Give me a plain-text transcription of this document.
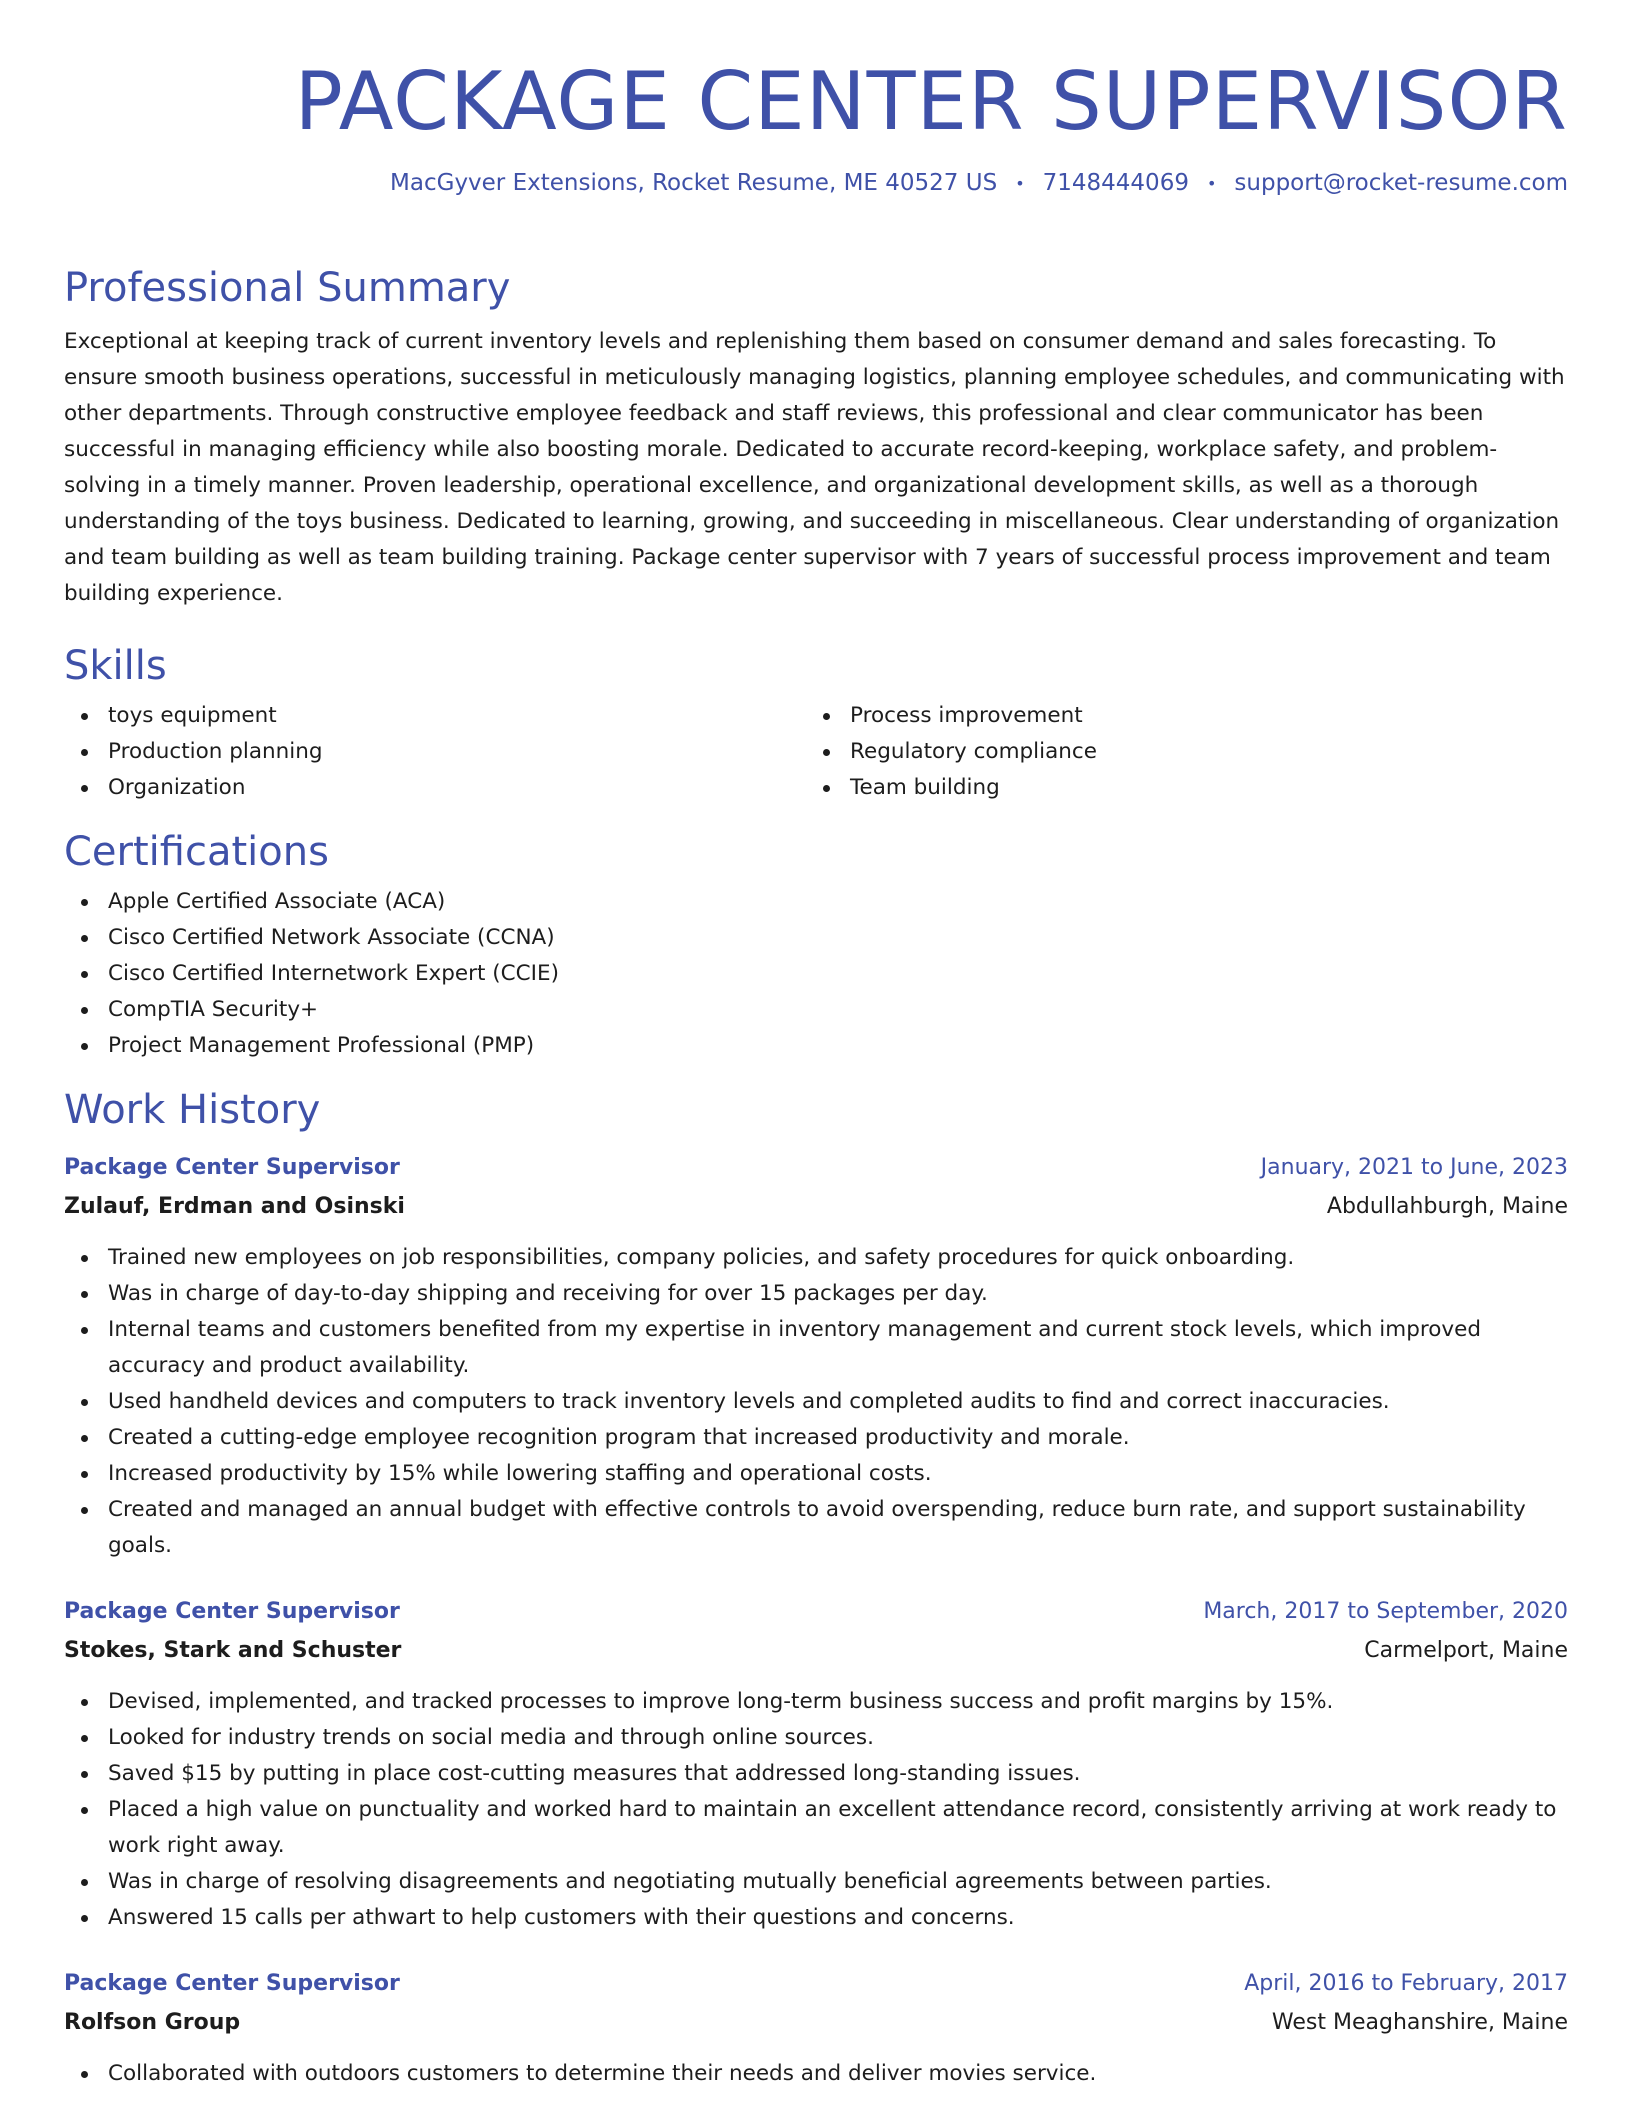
PACKAGE CENTER SUPERVISOR
MacGyver Extensions, Rocket Resume, ME 40527 US • 7148444069 • support@rocket-resume.com
Professional Summary

Exceptional at keeping track of current inventory levels and replenishing them based on consumer demand and sales forecasting. To ensure smooth business operations, successful in meticulously managing logistics, planning employee schedules, and communicating with other departments. Through constructive employee feedback and staff reviews, this professional and clear communicator has been successful in managing efficiency while also boosting morale. Dedicated to accurate record-keeping, workplace safety, and problem-solving in a timely manner. Proven leadership, operational excellence, and organizational development skills, as well as a thorough understanding of the toys business. Dedicated to learning, growing, and succeeding in miscellaneous. Clear understanding of organization and team building as well as team building training. Package center supervisor with 7 years of successful process improvement and team building experience.

Skills
toys equipment
Production planning
Organization
Process improvement
Regulatory compliance
Team building
Certifications
Apple Certified Associate (ACA)
Cisco Certified Network Associate (CCNA)
Cisco Certified Internetwork Expert (CCIE)
CompTIA Security+
Project Management Professional (PMP)
Work History
Package Center Supervisor	January, 2021 to June, 2023
Zulauf, Erdman and Osinski	Abdullahburgh, Maine
Trained new employees on job responsibilities, company policies, and safety procedures for quick onboarding.
Was in charge of day-to-day shipping and receiving for over 15 packages per day.
Internal teams and customers benefited from my expertise in inventory management and current stock levels, which improved accuracy and product availability.
Used handheld devices and computers to track inventory levels and completed audits to find and correct inaccuracies.
Created a cutting-edge employee recognition program that increased productivity and morale.
Increased productivity by 15% while lowering staffing and operational costs.
Created and managed an annual budget with effective controls to avoid overspending, reduce burn rate, and support sustainability goals.
Package Center Supervisor	March, 2017 to September, 2020
Stokes, Stark and Schuster	Carmelport, Maine
Devised, implemented, and tracked processes to improve long-term business success and profit margins by 15%.
Looked for industry trends on social media and through online sources.
Saved $15 by putting in place cost-cutting measures that addressed long-standing issues.
Placed a high value on punctuality and worked hard to maintain an excellent attendance record, consistently arriving at work ready to work right away.
Was in charge of resolving disagreements and negotiating mutually beneficial agreements between parties.
Answered 15 calls per athwart to help customers with their questions and concerns.
Package Center Supervisor	April, 2016 to February, 2017
Rolfson Group	West Meaghanshire, Maine
Collaborated with outdoors customers to determine their needs and deliver movies service.
